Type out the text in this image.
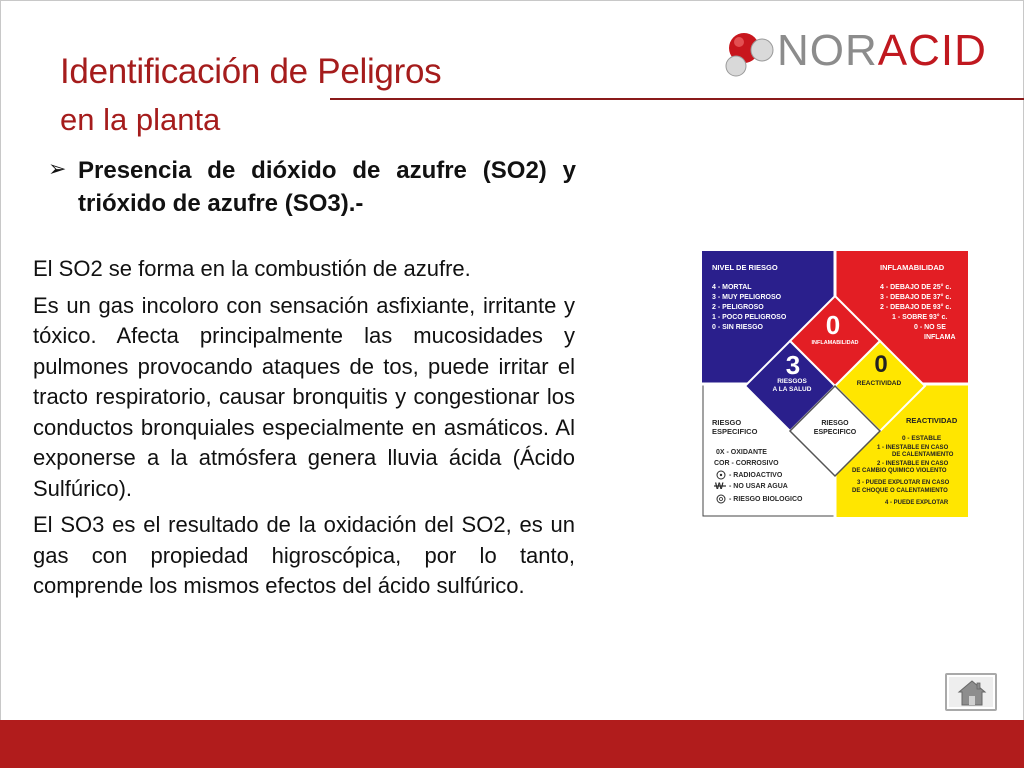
NORACID
Identificación de Peligros
en la planta
➢ Presencia de dióxido de azufre (SO2) y trióxido de azufre (SO3).-

El SO2 se forma en la combustión de azufre.

Es un gas incoloro con sensación asfixiante, irritante y tóxico. Afecta principalmente las mucosidades y pulmones provocando ataques de tos, puede irritar el tracto respiratorio, causar bronquitis y congestionar los conductos bronquiales especialmente en asmáticos. Al exponerse a la atmósfera genera lluvia ácida (Ácido Sulfúrico).

El SO3 es el resultado de la oxidación del SO2, es un gas con propiedad higroscópica, por lo tanto, comprende los mismos efectos del ácido sulfúrico.

NIVEL DE RIESGO
4 - MORTAL
3 - MUY PELIGROSO
2 - PELIGROSO
1 - POCO PELIGROSO
0 - SIN RIESGO
INFLAMABILIDAD
4 - DEBAJO DE 25° c.
3 - DEBAJO DE 37° c.
2 - DEBAJO DE 93° c.
1 - SOBRE 93° c.
0 - NO SE
INFLAMA
RIESGO
ESPECIFICO
0X - OXIDANTE
COR - CORROSIVO
- RADIOACTIVO
W - NO USAR AGUA
- RIESGO BIOLOGICO
REACTIVIDAD
0 - ESTABLE
1 - INESTABLE EN CASO
DE CALENTAMIENTO
2 - INESTABLE EN CASO
DE CAMBIO QUIMICO VIOLENTO
3 - PUEDE EXPLOTAR EN CASO
DE CHOQUE O CALENTAMIENTO
4 - PUEDE EXPLOTAR
0
INFLAMABILIDAD
3
RIESGOS
A LA SALUD
0
REACTIVIDAD
RIESGO
ESPECIFICO
